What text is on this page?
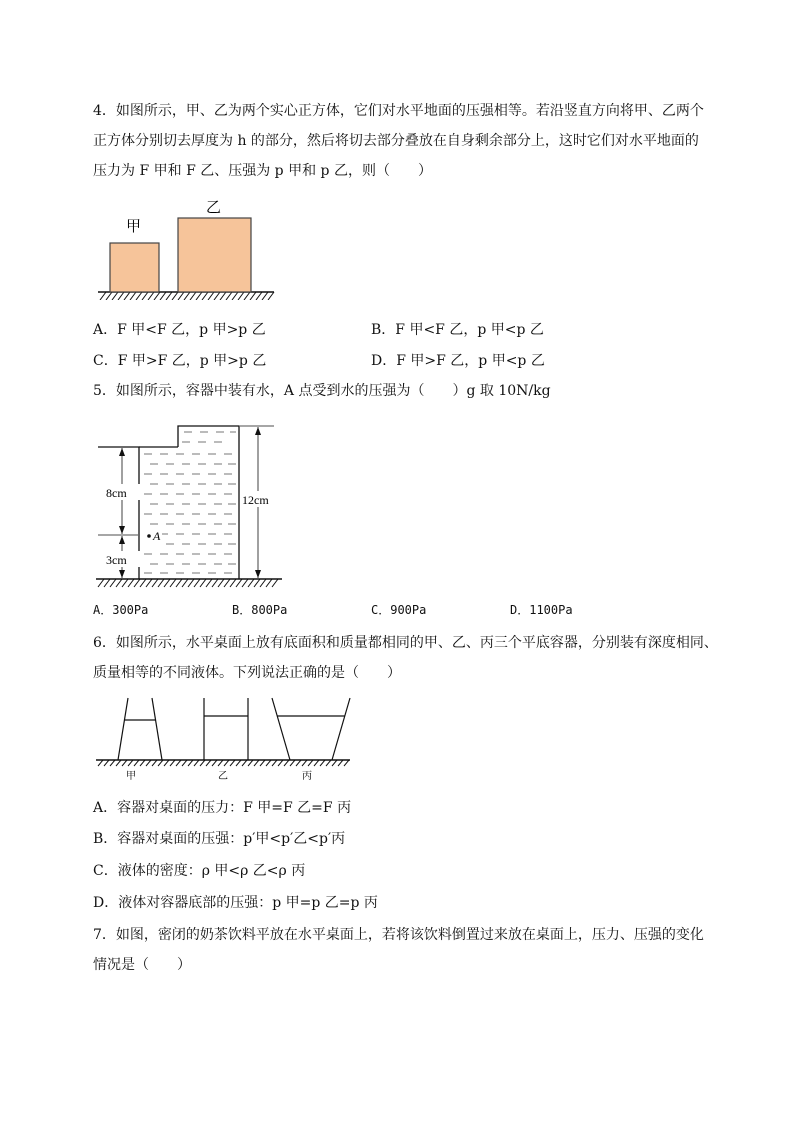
4．如图所示，甲、乙为两个实心正方体，它们对水平地面的压强相等。若沿竖直方向将甲、乙两个
正方体分别切去厚度为 h 的部分，然后将切去部分叠放在自身剩余部分上，这时它们对水平地面的
压力为 F 甲和 F 乙、压强为 p 甲和 p 乙，则（　　）
甲
乙
A．F 甲<F 乙，p 甲>p 乙	B．F 甲<F 乙，p 甲<p 乙
C．F 甲>F 乙，p 甲>p 乙	D．F 甲>F 乙，p 甲<p 乙
5．如图所示，容器中装有水，A 点受到水的压强为（　　）g 取 10N/kg
8cm
3cm
12cm
A
A．300Pa	B．800Pa	C．900Pa	D．1100Pa
6．如图所示，水平桌面上放有底面积和质量都相同的甲、乙、丙三个平底容器，分别装有深度相同、
质量相等的不同液体。下列说法正确的是（　　）
甲	乙	丙
A．容器对桌面的压力：F 甲=F 乙=F 丙
B．容器对桌面的压强：p′甲<p′乙<p′丙
C．液体的密度：ρ 甲<ρ 乙<ρ 丙
D．液体对容器底部的压强：p 甲=p 乙=p 丙
7．如图，密闭的奶茶饮料平放在水平桌面上，若将该饮料倒置过来放在桌面上，压力、压强的变化
情况是（　　）
